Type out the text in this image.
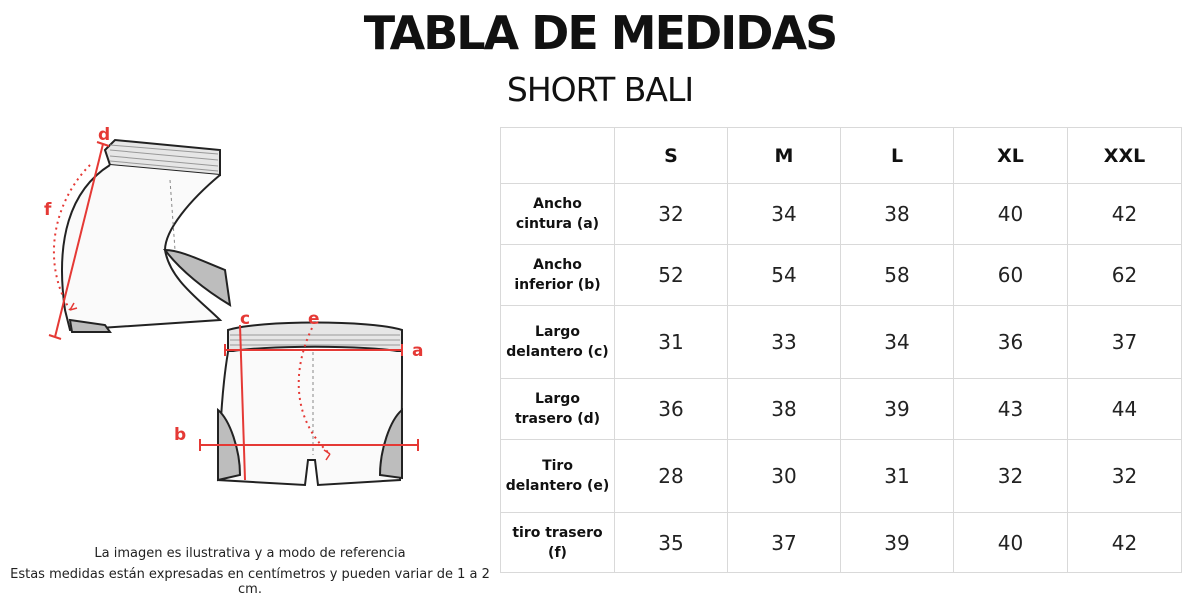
TABLA DE MEDIDAS
SHORT BALI
d
f
c	e
a
b
La imagen es ilustrativa y a modo de referencia
Estas medidas están expresadas en centímetros y pueden variar de 1 a 2 cm.
	S	M	L	XL	XXL
Ancho
cintura (a)	32	34	38	40	42
Ancho
inferior (b)	52	54	58	60	62
Largo
delantero (c)	31	33	34	36	37
Largo
trasero (d)	36	38	39	43	44
Tiro
delantero (e)	28	30	31	32	32
tiro trasero
(f)	35	37	39	40	42
